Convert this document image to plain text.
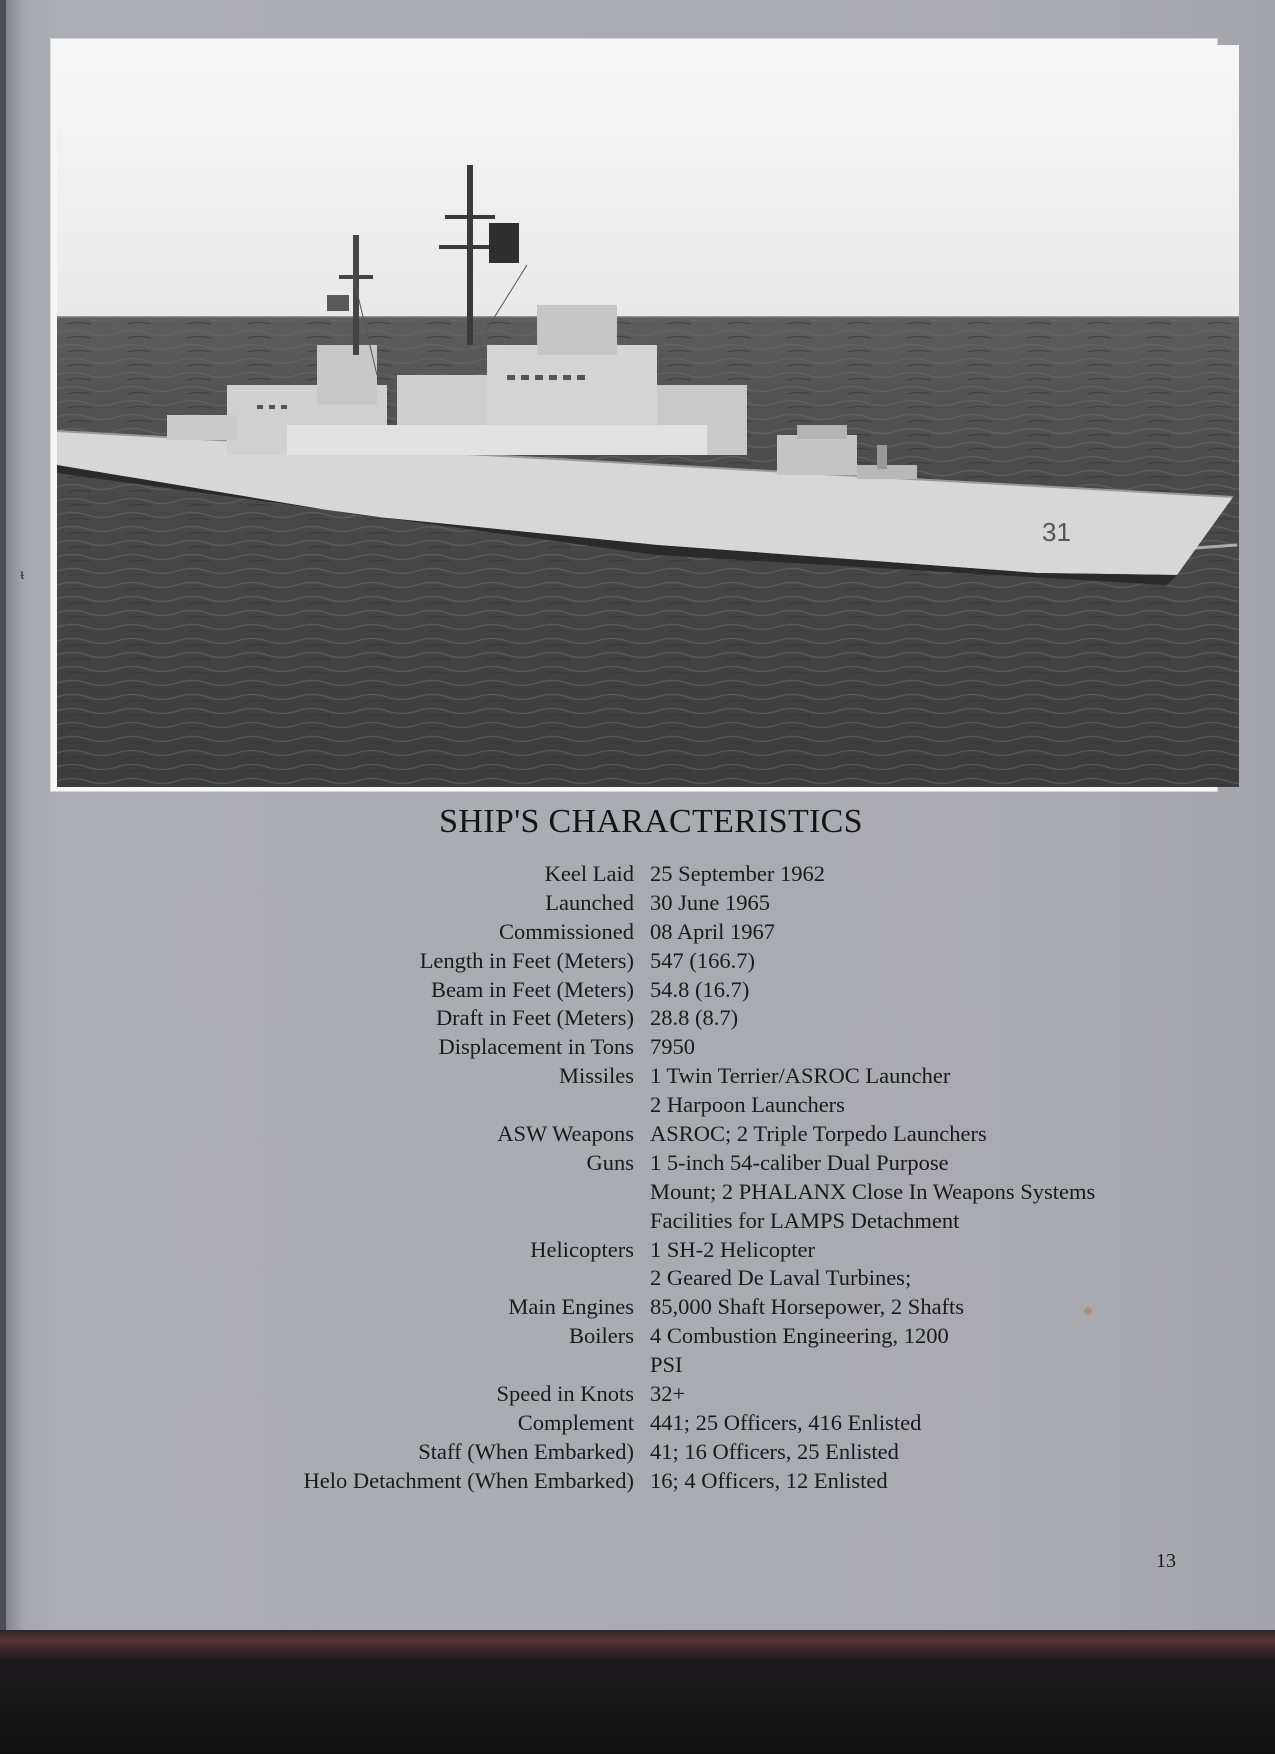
ᵼ
31
SHIP'S CHARACTERISTICS
Keel Laid 25 September 1962
Launched 30 June 1965
Commissioned 08 April 1967
Length in Feet (Meters) 547 (166.7)
Beam in Feet (Meters) 54.8 (16.7)
Draft in Feet (Meters) 28.8 (8.7)
Displacement in Tons 7950
Missiles 1 Twin Terrier/ASROC Launcher
2 Harpoon Launchers
ASW Weapons ASROC; 2 Triple Torpedo Launchers
Guns 1 5-inch 54-caliber Dual Purpose
Mount; 2 PHALANX Close In Weapons Systems
Facilities for LAMPS Detachment
Helicopters 1 SH-2 Helicopter
2 Geared De Laval Turbines;
Main Engines 85,000 Shaft Horsepower, 2 Shafts
Boilers 4 Combustion Engineering, 1200
PSI
Speed in Knots 32+
Complement 441; 25 Officers, 416 Enlisted
Staff (When Embarked) 41; 16 Officers, 25 Enlisted
Helo Detachment (When Embarked) 16; 4 Officers, 12 Enlisted
13
